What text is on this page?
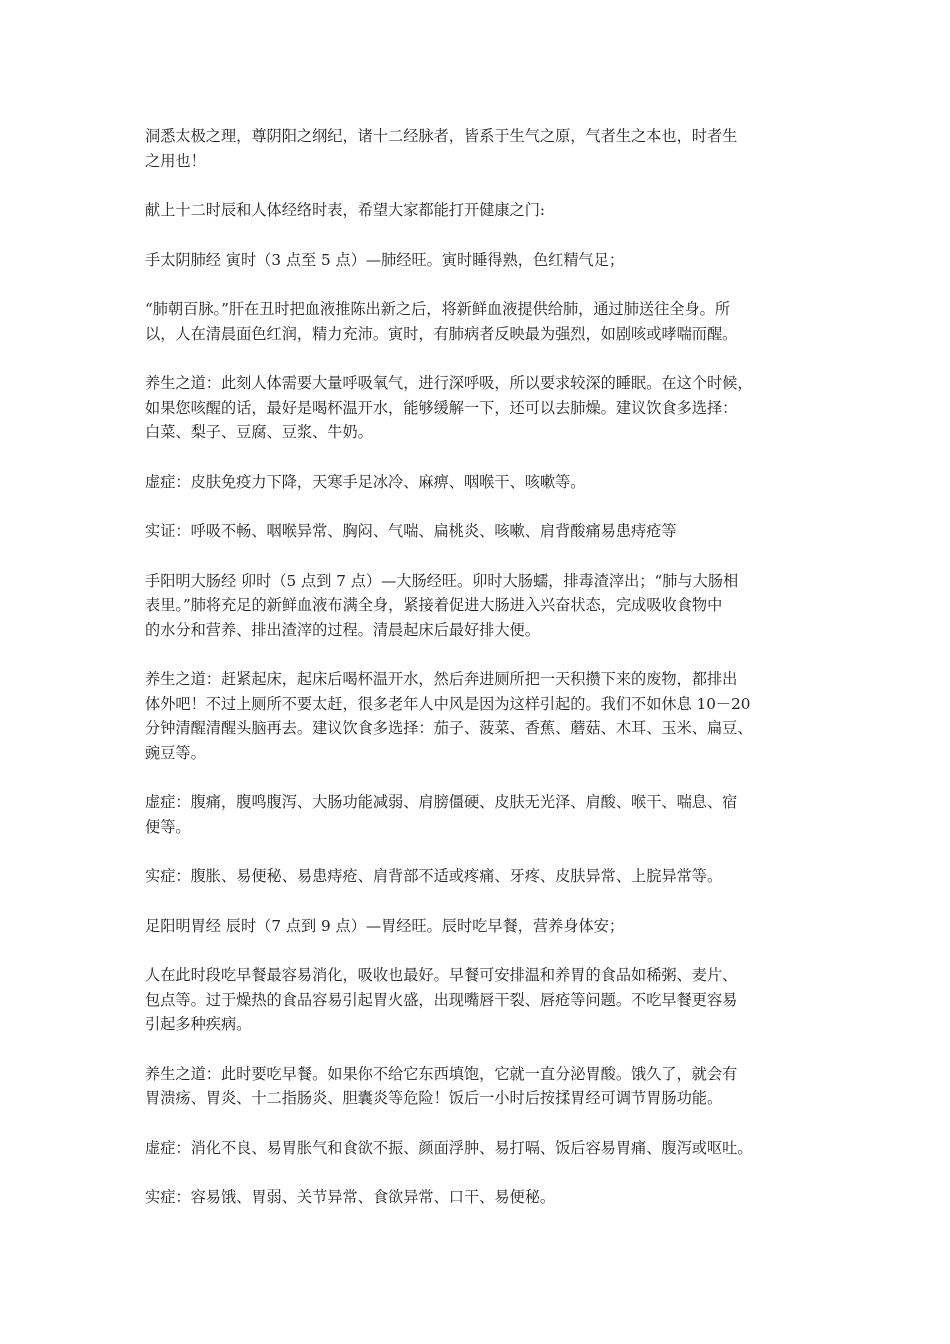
洞悉太极之理，尊阴阳之纲纪，诸十二经脉者，皆系于生气之原，气者生之本也，时者生
之用也！

献上十二时辰和人体经络时表，希望大家都能打开健康之门:

手太阴肺经 寅时（3 点至 5 点）—肺经旺。寅时睡得熟，色红精气足；

“肺朝百脉。”肝在丑时把血液推陈出新之后，将新鲜血液提供给肺，通过肺送往全身。所
以，人在清晨面色红润，精力充沛。寅时，有肺病者反映最为强烈，如剧咳或哮喘而醒。

养生之道：此刻人体需要大量呼吸氧气，进行深呼吸，所以要求较深的睡眠。在这个时候，
如果您咳醒的话，最好是喝杯温开水，能够缓解一下，还可以去肺燥。建议饮食多选择：
白菜、梨子、豆腐、豆浆、牛奶。

虚症：皮肤免疫力下降，天寒手足冰冷、麻痹、咽喉干、咳嗽等。

实证：呼吸不畅、咽喉异常、胸闷、气喘、扁桃炎、咳嗽、肩背酸痛易患痔疮等

手阳明大肠经 卯时（5 点到 7 点）—大肠经旺。卯时大肠蠕，排毒渣滓出；“肺与大肠相
表里。”肺将充足的新鲜血液布满全身，紧接着促进大肠进入兴奋状态，完成吸收食物中
的水分和营养、排出渣滓的过程。清晨起床后最好排大便。

养生之道：赶紧起床，起床后喝杯温开水，然后奔进厕所把一天积攒下来的废物，都排出
体外吧！不过上厕所不要太赶，很多老年人中风是因为这样引起的。我们不如休息 10－20
分钟清醒清醒头脑再去。建议饮食多选择：茄子、菠菜、香蕉、蘑菇、木耳、玉米、扁豆、
豌豆等。

虚症：腹痛，腹鸣腹泻、大肠功能减弱、肩膀僵硬、皮肤无光泽、肩酸、喉干、喘息、宿
便等。

实症：腹胀、易便秘、易患痔疮、肩背部不适或疼痛、牙疼、皮肤异常、上脘异常等。

足阳明胃经 辰时（7 点到 9 点）—胃经旺。辰时吃早餐，营养身体安；

人在此时段吃早餐最容易消化，吸收也最好。早餐可安排温和养胃的食品如稀粥、麦片、
包点等。过于燥热的食品容易引起胃火盛，出现嘴唇干裂、唇疮等问题。不吃早餐更容易
引起多种疾病。

养生之道：此时要吃早餐。如果你不给它东西填饱，它就一直分泌胃酸。饿久了，就会有
胃溃疡、胃炎、十二指肠炎、胆囊炎等危险！饭后一小时后按揉胃经可调节胃肠功能。

虚症：消化不良、易胃胀气和食欲不振、颜面浮肿、易打嗝、饭后容易胃痛、腹泻或呕吐。

实症：容易饿、胃弱、关节异常、食欲异常、口干、易便秘。
